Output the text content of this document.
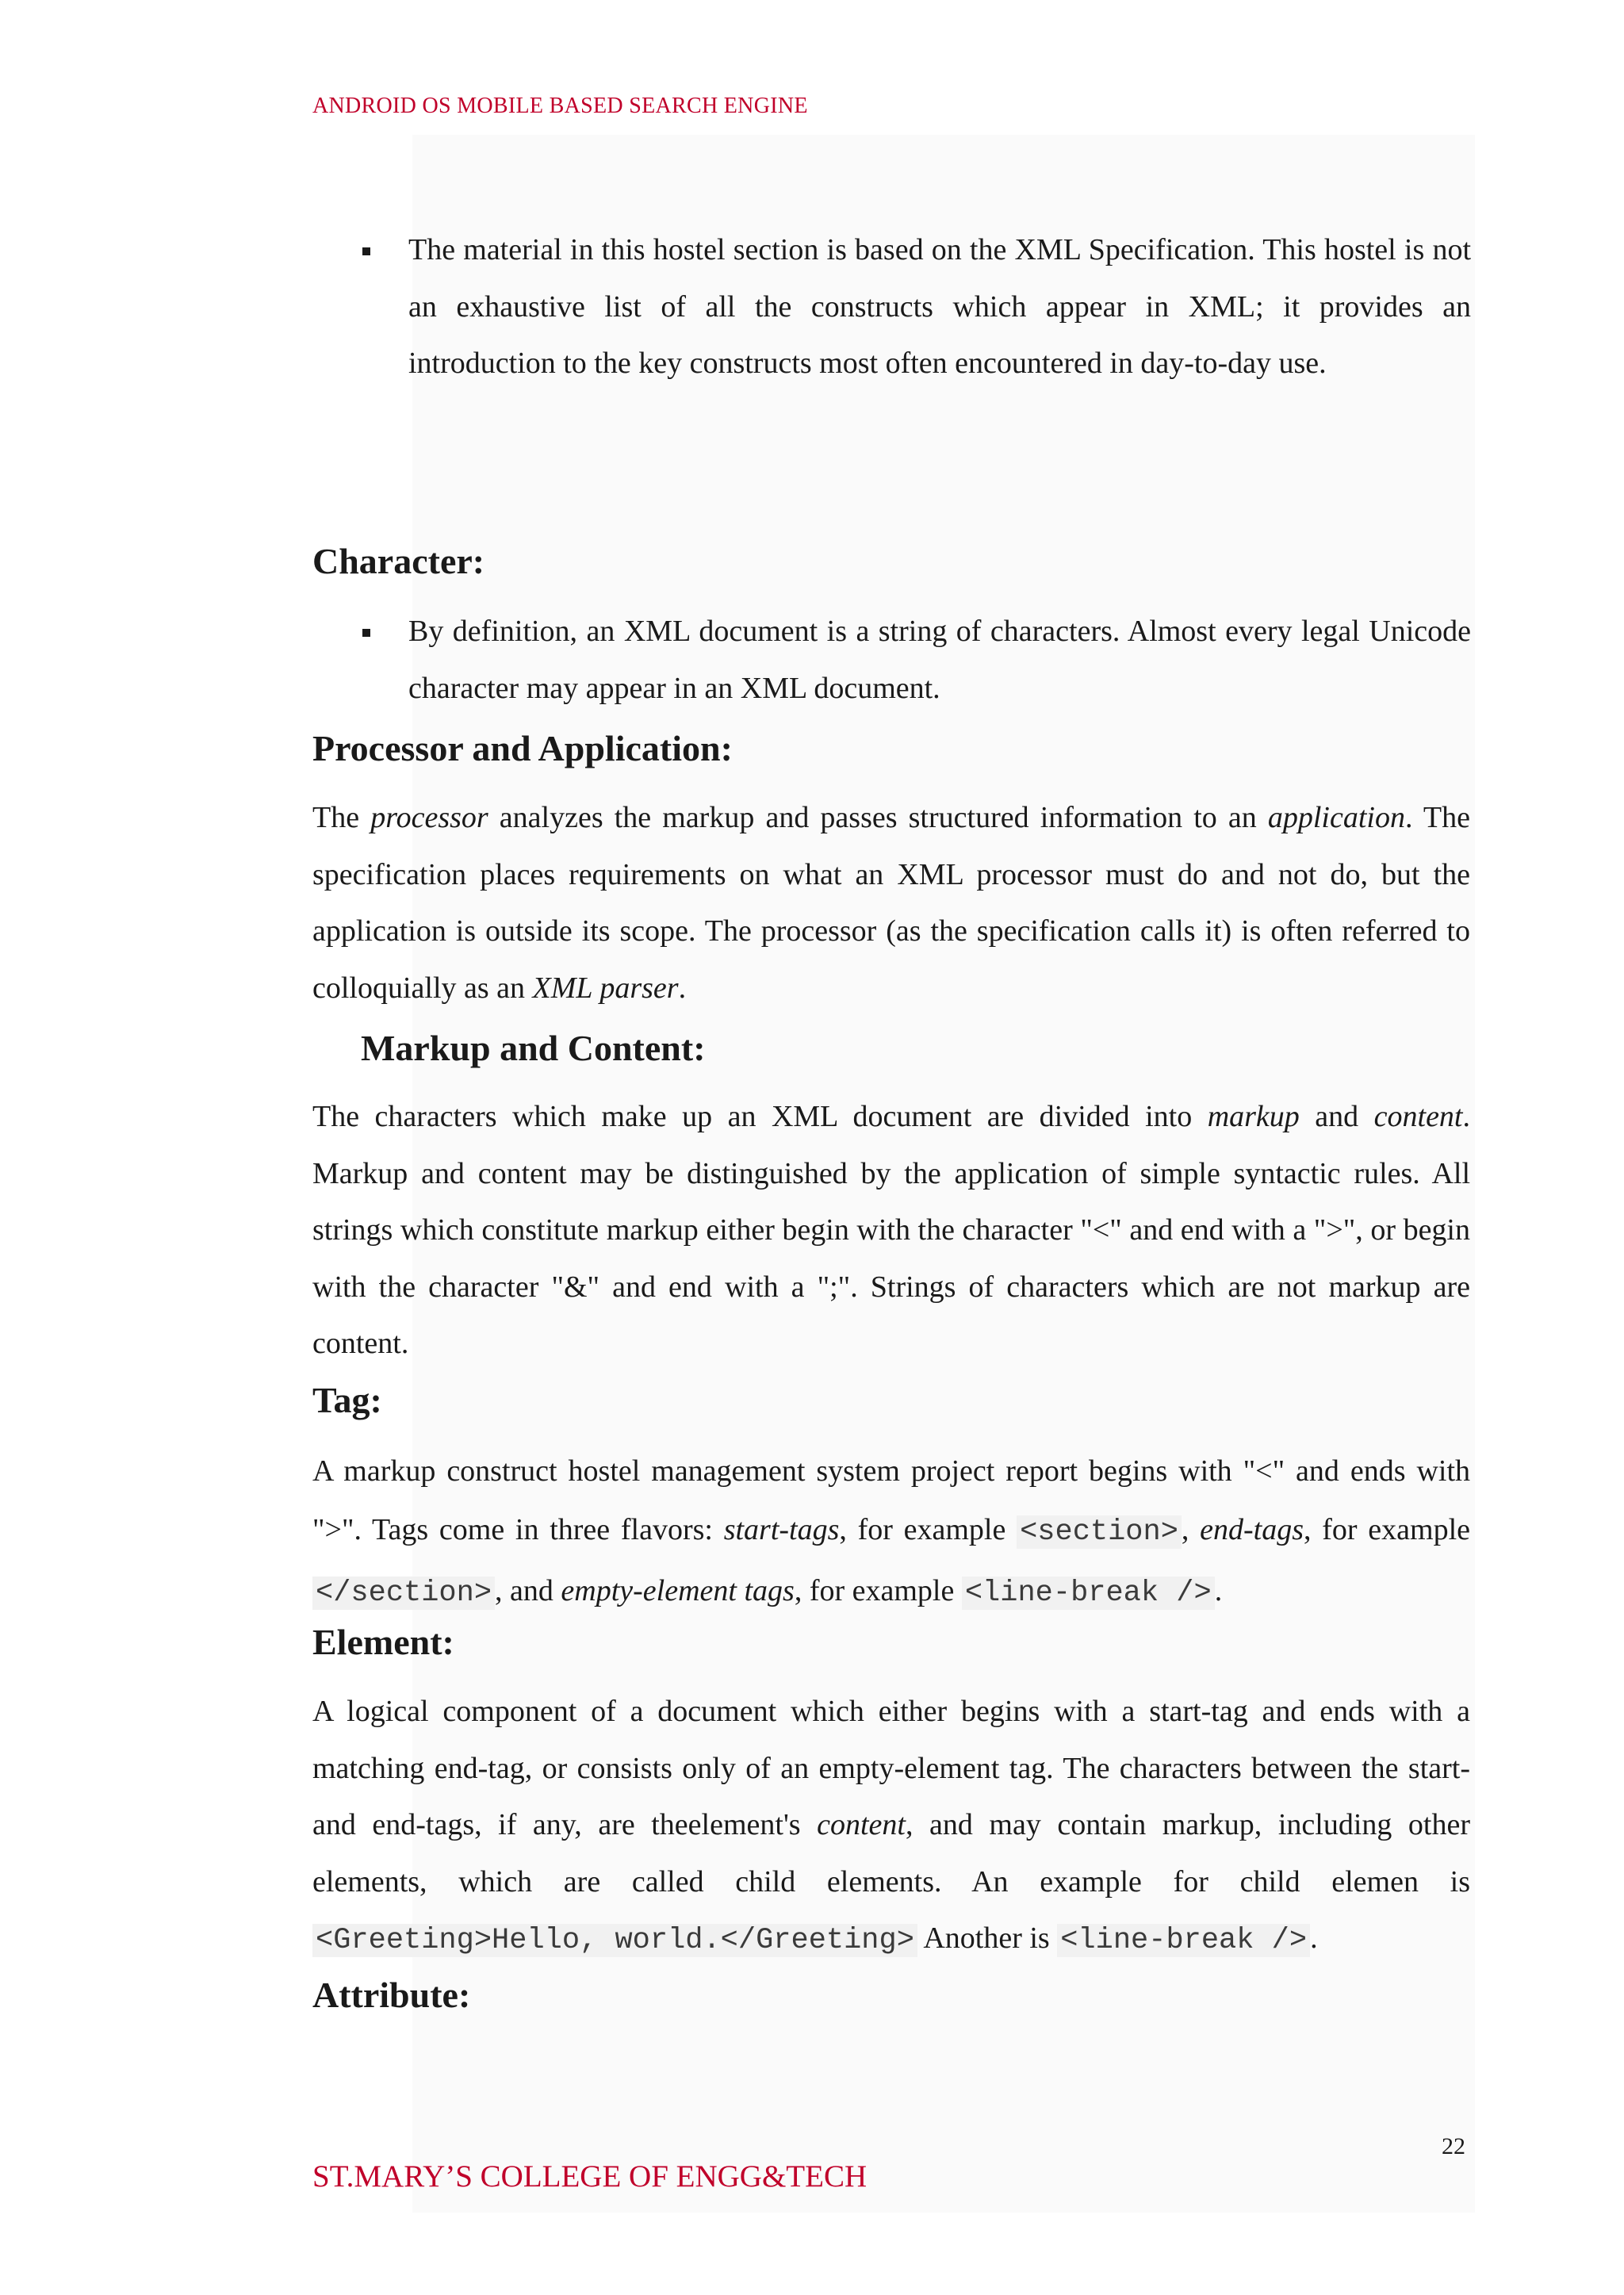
ANDROID OS MOBILE BASED SEARCH ENGINE
The material in this hostel section is based on the XML Specification. This hostel is not an exhaustive list of all the constructs which appear in XML; it provides an introduction to the key constructs most often encountered in day-to-day use.
Character:
By definition, an XML document is a string of characters. Almost every legal Unicode character may appear in an XML document.
Processor and Application:
The processor analyzes the markup and passes structured information to an application. The specification places requirements on what an XML processor must do and not do, but the application is outside its scope. The processor (as the specification calls it) is often referred to colloquially as an XML parser.
Markup and Content:
The characters which make up an XML document are divided into markup and content. Markup and content may be distinguished by the application of simple syntactic rules. All strings which constitute markup either begin with the character "<" and end with a ">", or begin with the character "&" and end with a ";". Strings of characters which are not markup are content.
Tag:
A markup construct hostel management system project report begins with "<" and ends with ">". Tags come in three flavors: start-tags, for example <section> , end-tags, for example </section> , and empty-element tags, for example <line-break /> .
Element:
A logical component of a document which either begins with a start-tag and ends with a matching end-tag, or consists only of an empty-element tag. The characters between the start- and end-tags, if any, are theelement's content, and may contain markup, including other elements, which are called child elements. An example for child elemen is <Greeting>Hello, world.</Greeting> Another is <line-break /> .
Attribute:
22
ST.MARY’S COLLEGE OF ENGG&TECH
